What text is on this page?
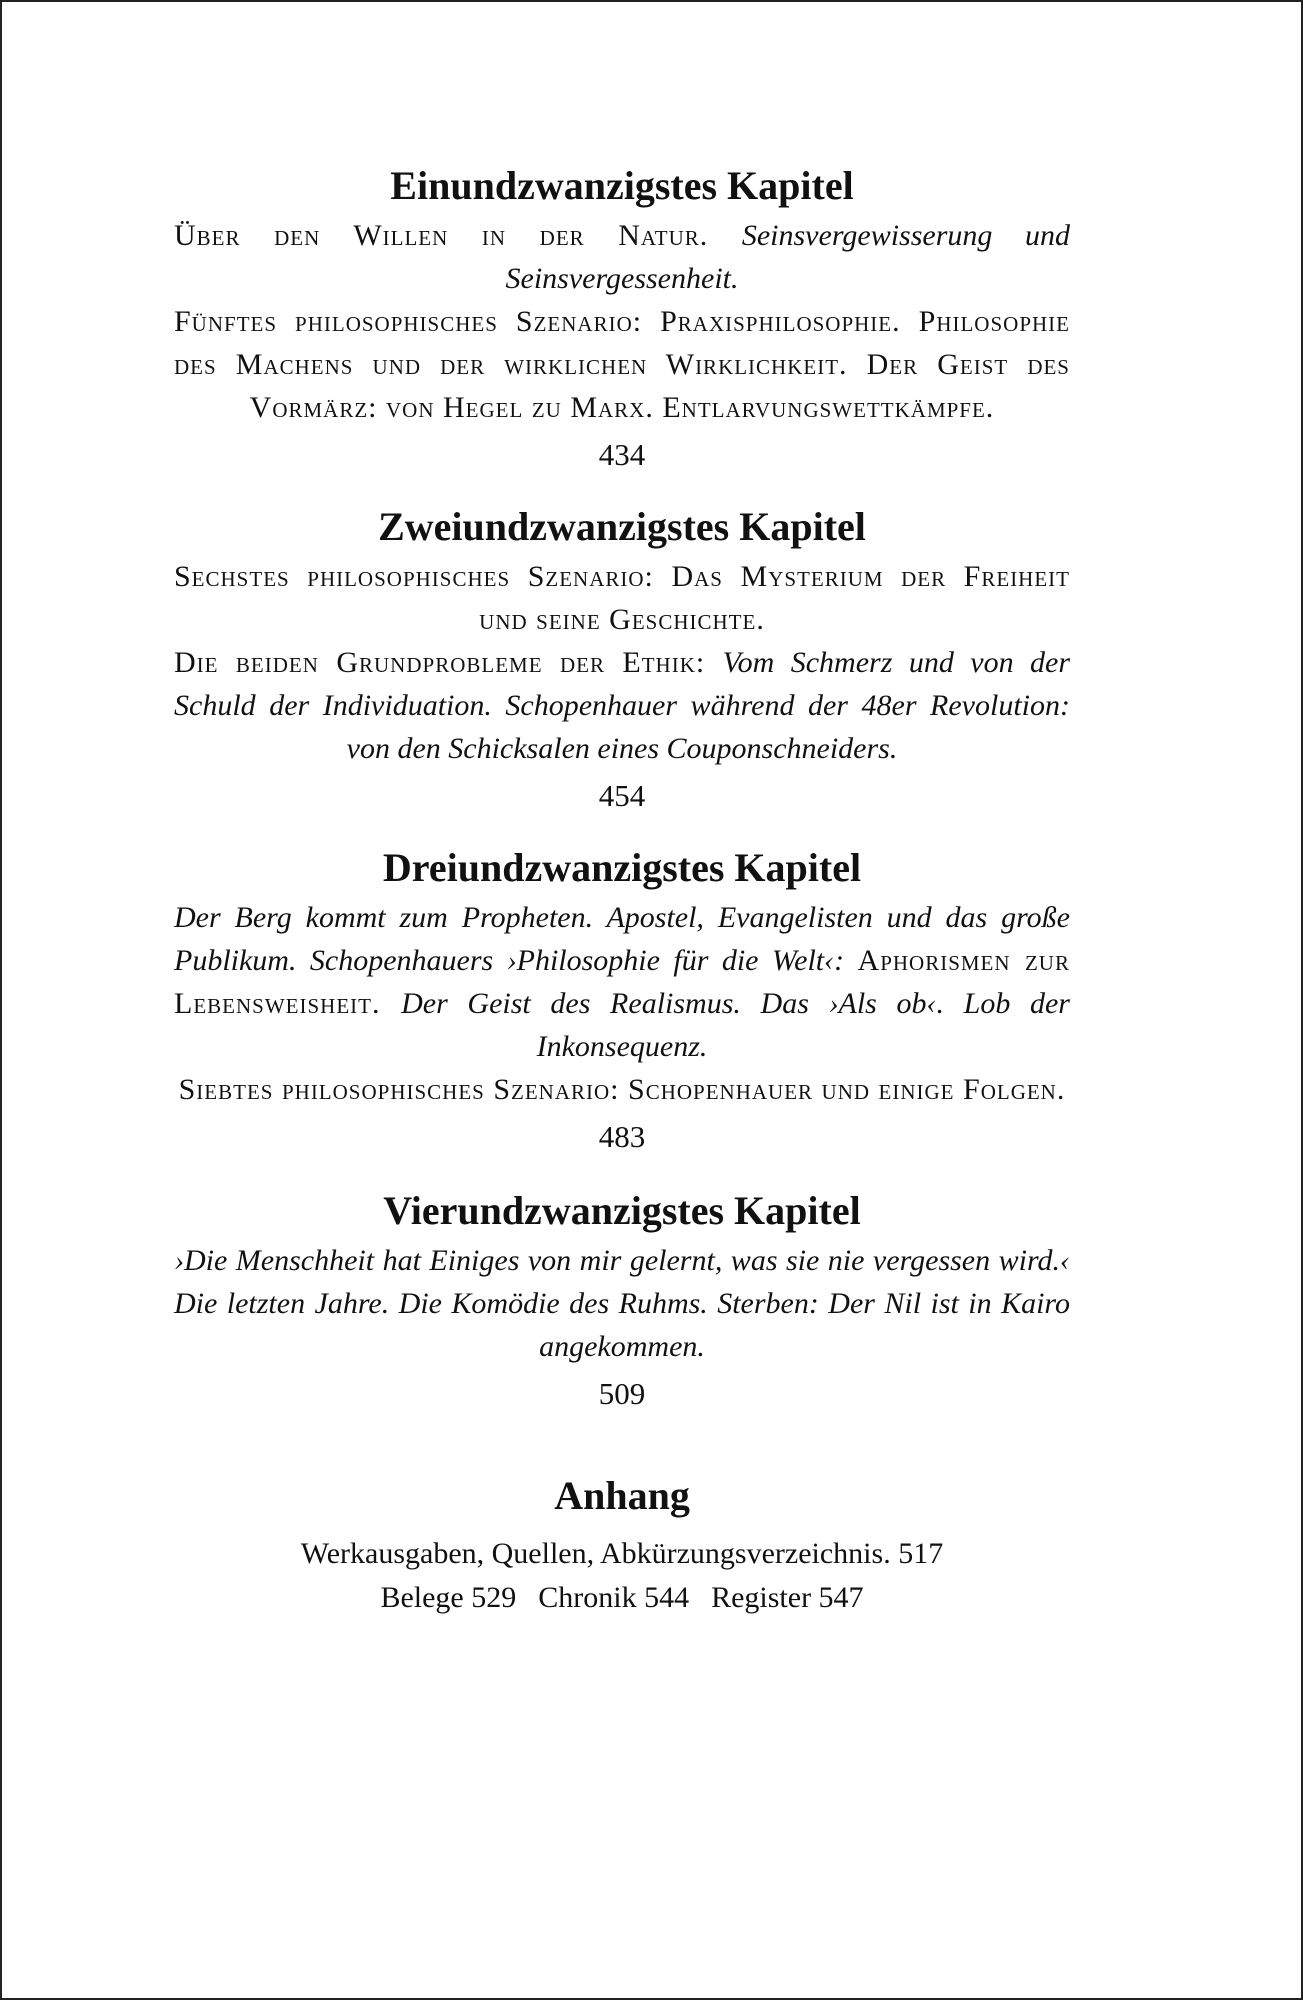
Einundzwanzigstes Kapitel

Über den Willen in der Natur. Seinsvergewisserung und Seinsvergessenheit.

Fünftes philosophisches Szenario: Praxisphilosophie. Philosophie des Machens und der wirklichen Wirklichkeit. Der Geist des Vormärz: von Hegel zu Marx. Entlarvungswettkämpfe.

434
Zweiundzwanzigstes Kapitel

Sechstes philosophisches Szenario: Das Mysterium der Freiheit und seine Geschichte.

Die beiden Grundprobleme der Ethik: Vom Schmerz und von der Schuld der Individuation. Schopenhauer während der 48er Revolution: von den Schicksalen eines Couponschneiders.

454
Dreiundzwanzigstes Kapitel

Der Berg kommt zum Propheten. Apostel, Evangelisten und das große Publikum. Schopenhauers ›Philosophie für die Welt‹: Aphorismen zur Lebensweisheit. Der Geist des Realismus. Das ›Als ob‹. Lob der Inkonsequenz.

Siebtes philosophisches Szenario: Schopenhauer und einige Folgen.

483
Vierundzwanzigstes Kapitel

›Die Menschheit hat Einiges von mir gelernt, was sie nie vergessen wird.‹ Die letzten Jahre. Die Komödie des Ruhms. Sterben: Der Nil ist in Kairo angekommen.

509
Anhang

Werkausgaben, Quellen, Abkürzungsverzeichnis. 517

Belege 529 Chronik 544 Register 547
